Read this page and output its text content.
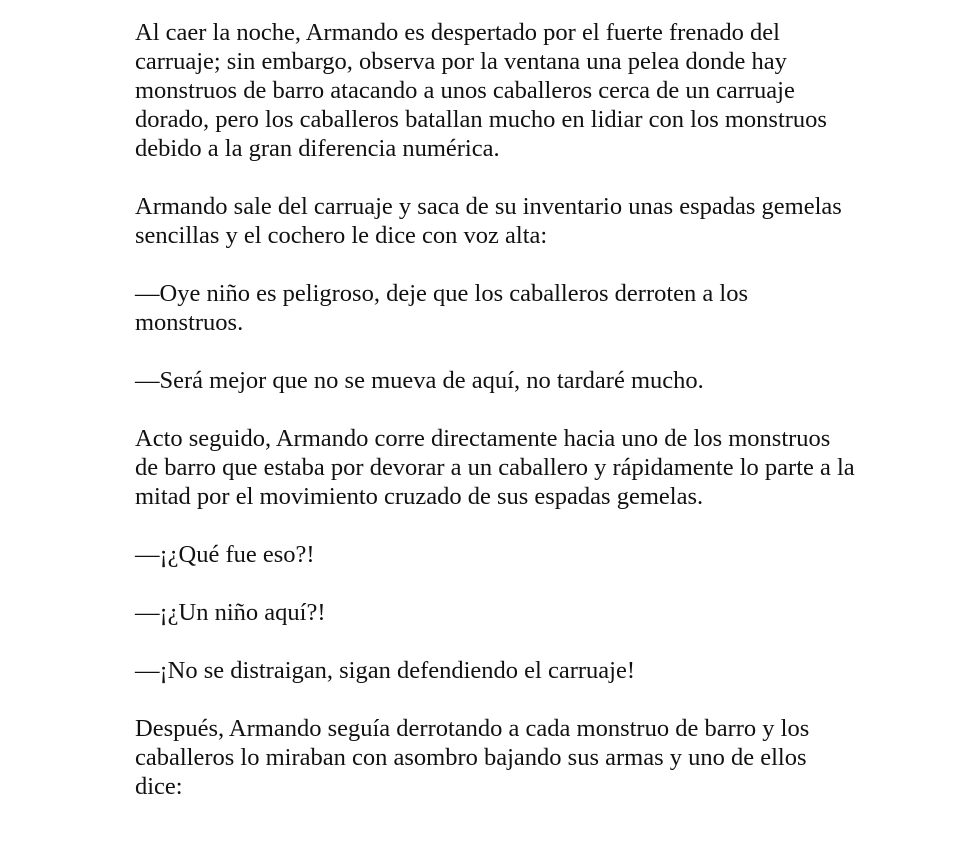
Al caer la noche, Armando es despertado por el fuerte frenado del carruaje; sin embargo, observa por la ventana una pelea donde hay monstruos de barro atacando a unos caballeros cerca de un carruaje dorado, pero los caballeros batallan mucho en lidiar con los monstruos debido a la gran diferencia numérica.

Armando sale del carruaje y saca de su inventario unas espadas gemelas sencillas y el cochero le dice con voz alta:

—Oye niño es peligroso, deje que los caballeros derroten a los monstruos.

—Será mejor que no se mueva de aquí, no tardaré mucho.

Acto seguido, Armando corre directamente hacia uno de los monstruos de barro que estaba por devorar a un caballero y rápidamente lo parte a la mitad por el movimiento cruzado de sus espadas gemelas.

—¡¿Qué fue eso?!

—¡¿Un niño aquí?!

—¡No se distraigan, sigan defendiendo el carruaje!

Después, Armando seguía derrotando a cada monstruo de barro y los caballeros lo miraban con asombro bajando sus armas y uno de ellos dice:
